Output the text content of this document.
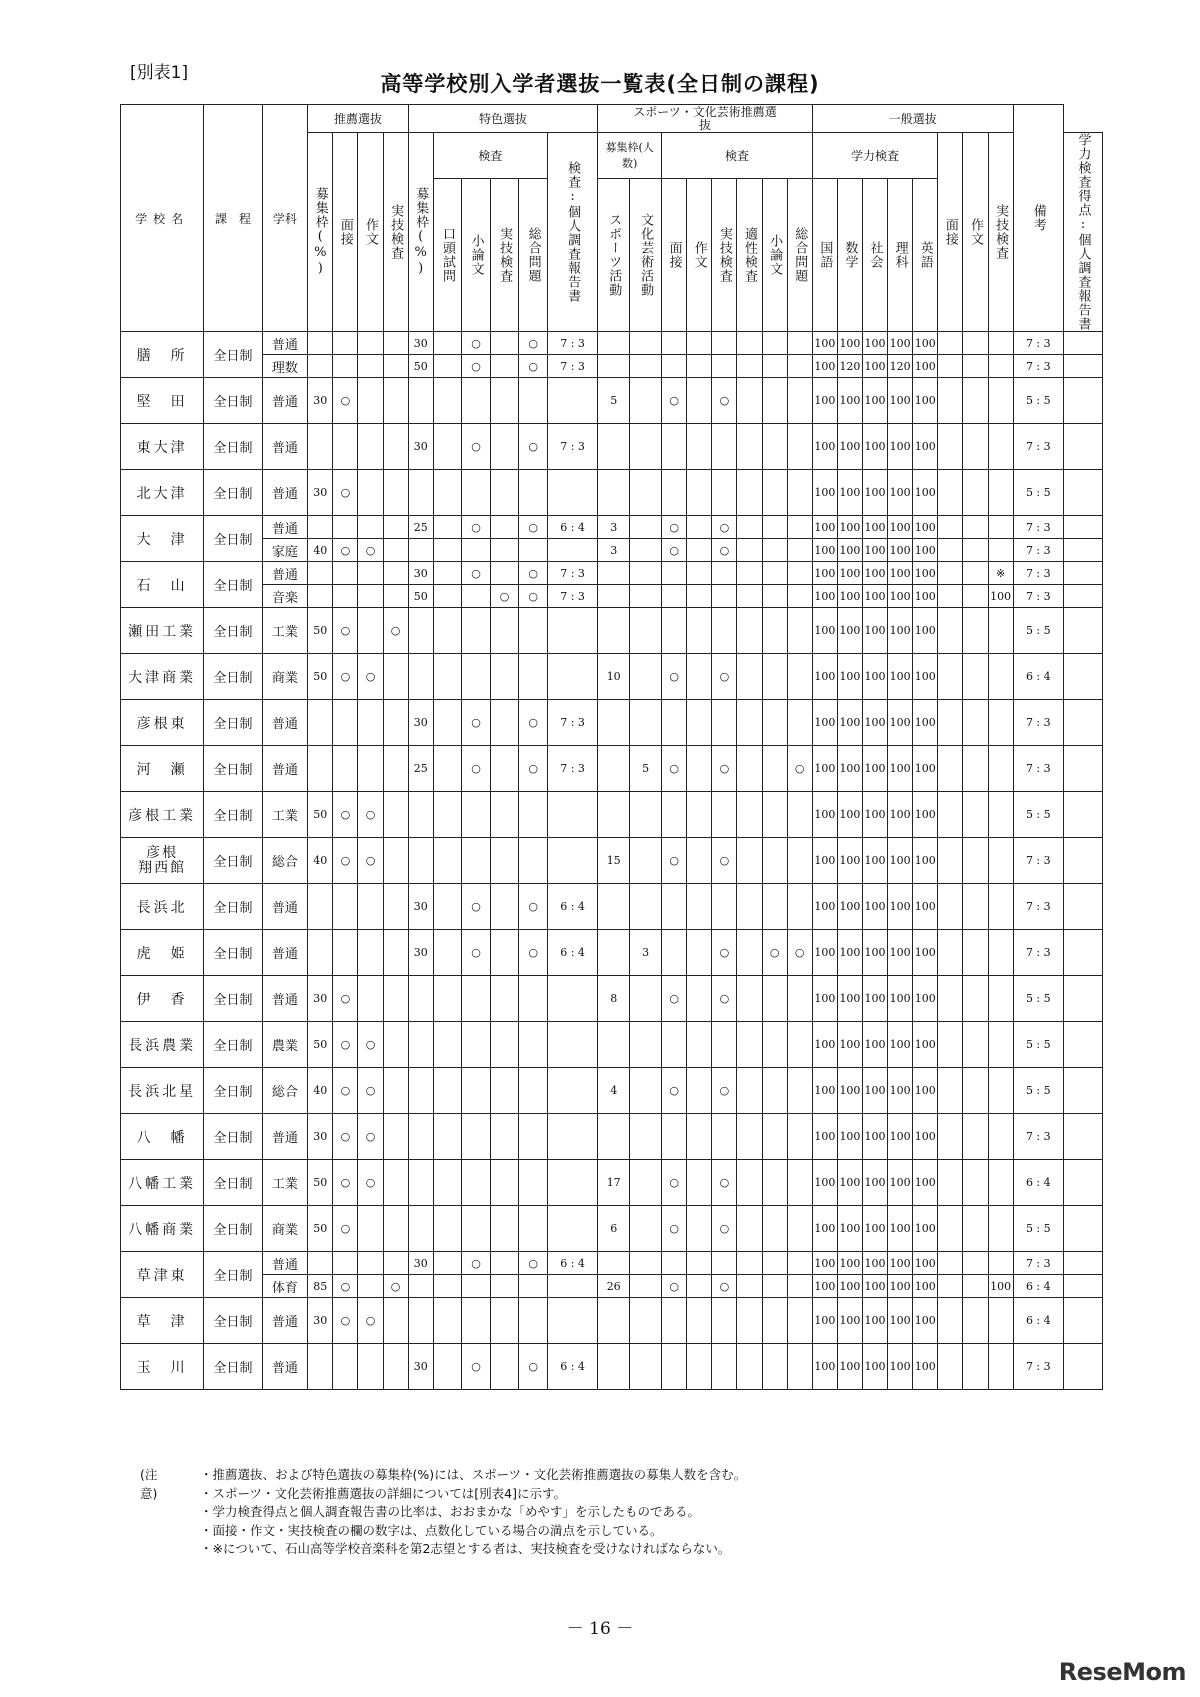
[別表1]	高等学校別入学者選抜一覧表(全日制の課程)
学校名	課　程	学科	推薦選抜				特色選抜						スポーツ・文化芸術推薦選抜								一般選抜								備考	

			募集枠(%)	面接	作文	実技検査	募集枠(%)	検査				検査:個人調査報告書	募集枠(人数)		検査						学力検査					面接	作文	実技検査		学力検査得点:個人調査報告書

								口頭試問	小論文	実技検査	総合問題		スポーツ活動	文化芸術活動	面接	作文	実技検査	適性検査	小論文	総合問題	国語	数学	社会	理科	英語					

膳　所	全日制	普通					30		○		○	7 : 3									100	100	100	100	100				7 : 3	
		理数					50		○		○	7 : 3									100	120	100	120	100				7 : 3	
堅　田	全日制	普通	30	○									5		○		○				100	100	100	100	100				5 : 5	
東大津	全日制	普通					30		○		○	7 : 3									100	100	100	100	100				7 : 3	
北大津	全日制	普通	30	○																	100	100	100	100	100				5 : 5	
大　津	全日制	普通					25		○		○	6 : 4	3		○		○				100	100	100	100	100				7 : 3	
		家庭	40	○	○								3		○		○				100	100	100	100	100				7 : 3	
石　山	全日制	普通					30		○		○	7 : 3									100	100	100	100	100			※	7 : 3	
		音楽					50			○	○	7 : 3									100	100	100	100	100			100	7 : 3	
瀬田工業	全日制	工業	50	○		○															100	100	100	100	100				5 : 5	
大津商業	全日制	商業	50	○	○								10		○		○				100	100	100	100	100				6 : 4	
彦根東	全日制	普通					30		○		○	7 : 3									100	100	100	100	100				7 : 3	
河　瀬	全日制	普通					25		○		○	7 : 3		5	○		○			○	100	100	100	100	100				7 : 3	
彦根工業	全日制	工業	50	○	○																100	100	100	100	100				5 : 5	

彦根
翔西館	全日制	総合	40	○	○								15		○		○				100	100	100	100	100				7 : 3	
長浜北	全日制	普通					30		○		○	6 : 4									100	100	100	100	100				7 : 3	
虎　姫	全日制	普通					30		○		○	6 : 4		3			○		○	○	100	100	100	100	100				7 : 3	
伊　香	全日制	普通	30	○									8		○		○				100	100	100	100	100				5 : 5	
長浜農業	全日制	農業	50	○	○																100	100	100	100	100				5 : 5	
長浜北星	全日制	総合	40	○	○								4		○		○				100	100	100	100	100				5 : 5	
八　幡	全日制	普通	30	○	○																100	100	100	100	100				7 : 3	
八幡工業	全日制	工業	50	○	○								17		○		○				100	100	100	100	100				6 : 4	
八幡商業	全日制	商業	50	○									6		○		○				100	100	100	100	100				5 : 5	
草津東	全日制	普通					30		○		○	6 : 4									100	100	100	100	100				7 : 3	
		体育	85	○		○							26		○		○				100	100	100	100	100			100	6 : 4	
草　津	全日制	普通	30	○	○																100	100	100	100	100				6 : 4	
玉　川	全日制	普通					30		○		○	6 : 4									100	100	100	100	100				7 : 3	
(注意)
・推薦選抜、および特色選抜の募集枠(%)には、スポーツ・文化芸術推薦選抜の募集人数を含む。
・スポーツ・文化芸術推薦選抜の詳細については[別表4]に示す。
・学力検査得点と個人調査報告書の比率は、おおまかな「めやす」を示したものである。
・面接・作文・実技検査の欄の数字は、点数化している場合の満点を示している。
・※について、石山高等学校音楽科を第2志望とする者は、実技検査を受けなければならない。
－ 16 －
ReseMom
